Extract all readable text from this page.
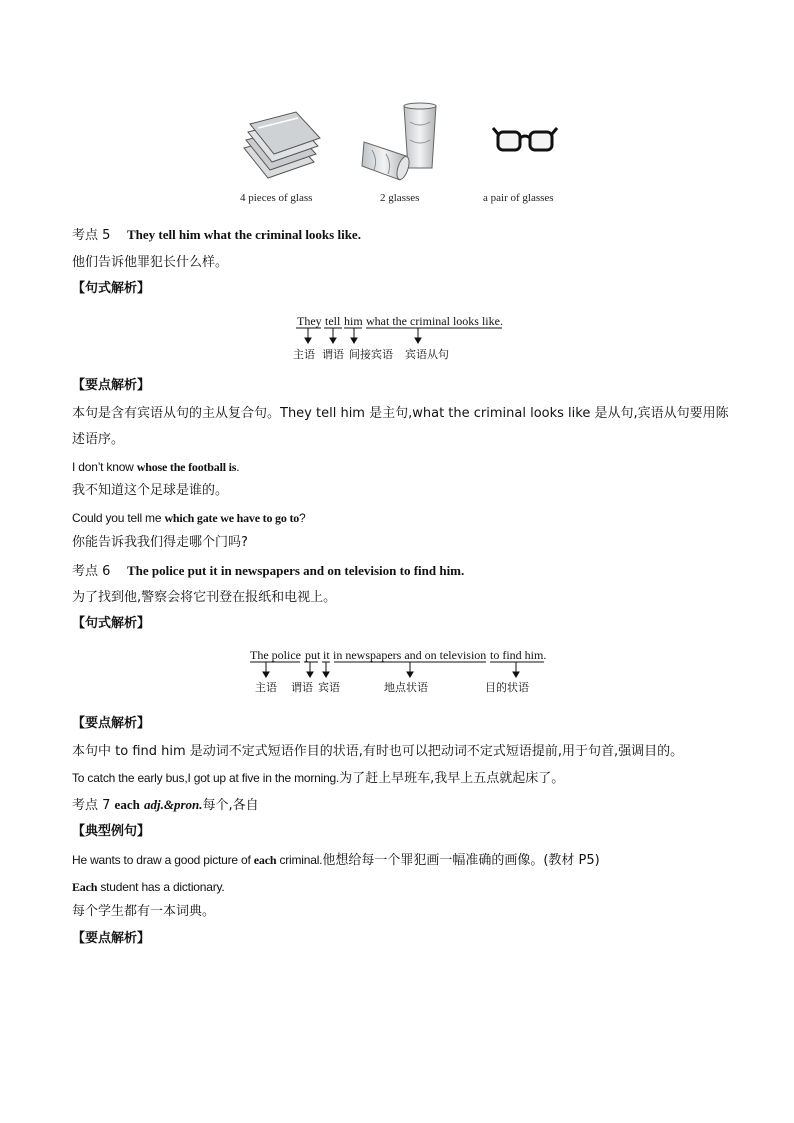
4 pieces of glass	2 glasses	a pair of glasses
考点 5 They tell him what the criminal looks like.
他们告诉他罪犯长什么样。
【句式解析】
They tell him what the criminal looks like.
主语 谓语 间接宾语 宾语从句
【要点解析】
本句是含有宾语从句的主从复合句。They tell him 是主句,what the criminal looks like 是从句,宾语从句要用陈
述语序。
I don’t know whose the football is.
我不知道这个足球是谁的。
Could you tell me which gate we have to go to?
你能告诉我我们得走哪个门吗?
考点 6 The police put it in newspapers and on television to find him.
为了找到他,警察会将它刊登在报纸和电视上。
【句式解析】
The police put it in newspapers and on television to find him.
主语 谓语 宾语	地点状语	目的状语
【要点解析】
本句中 to find him 是动词不定式短语作目的状语,有时也可以把动词不定式短语提前,用于句首,强调目的。
To catch the early bus,I got up at five in the morning.为了赶上早班车,我早上五点就起床了。
考点 7 each adj.&pron.每个,各自
【典型例句】
He wants to draw a good picture of each criminal.他想给每一个罪犯画一幅准确的画像。(教材 P5)
Each student has a dictionary.
每个学生都有一本词典。
【要点解析】
